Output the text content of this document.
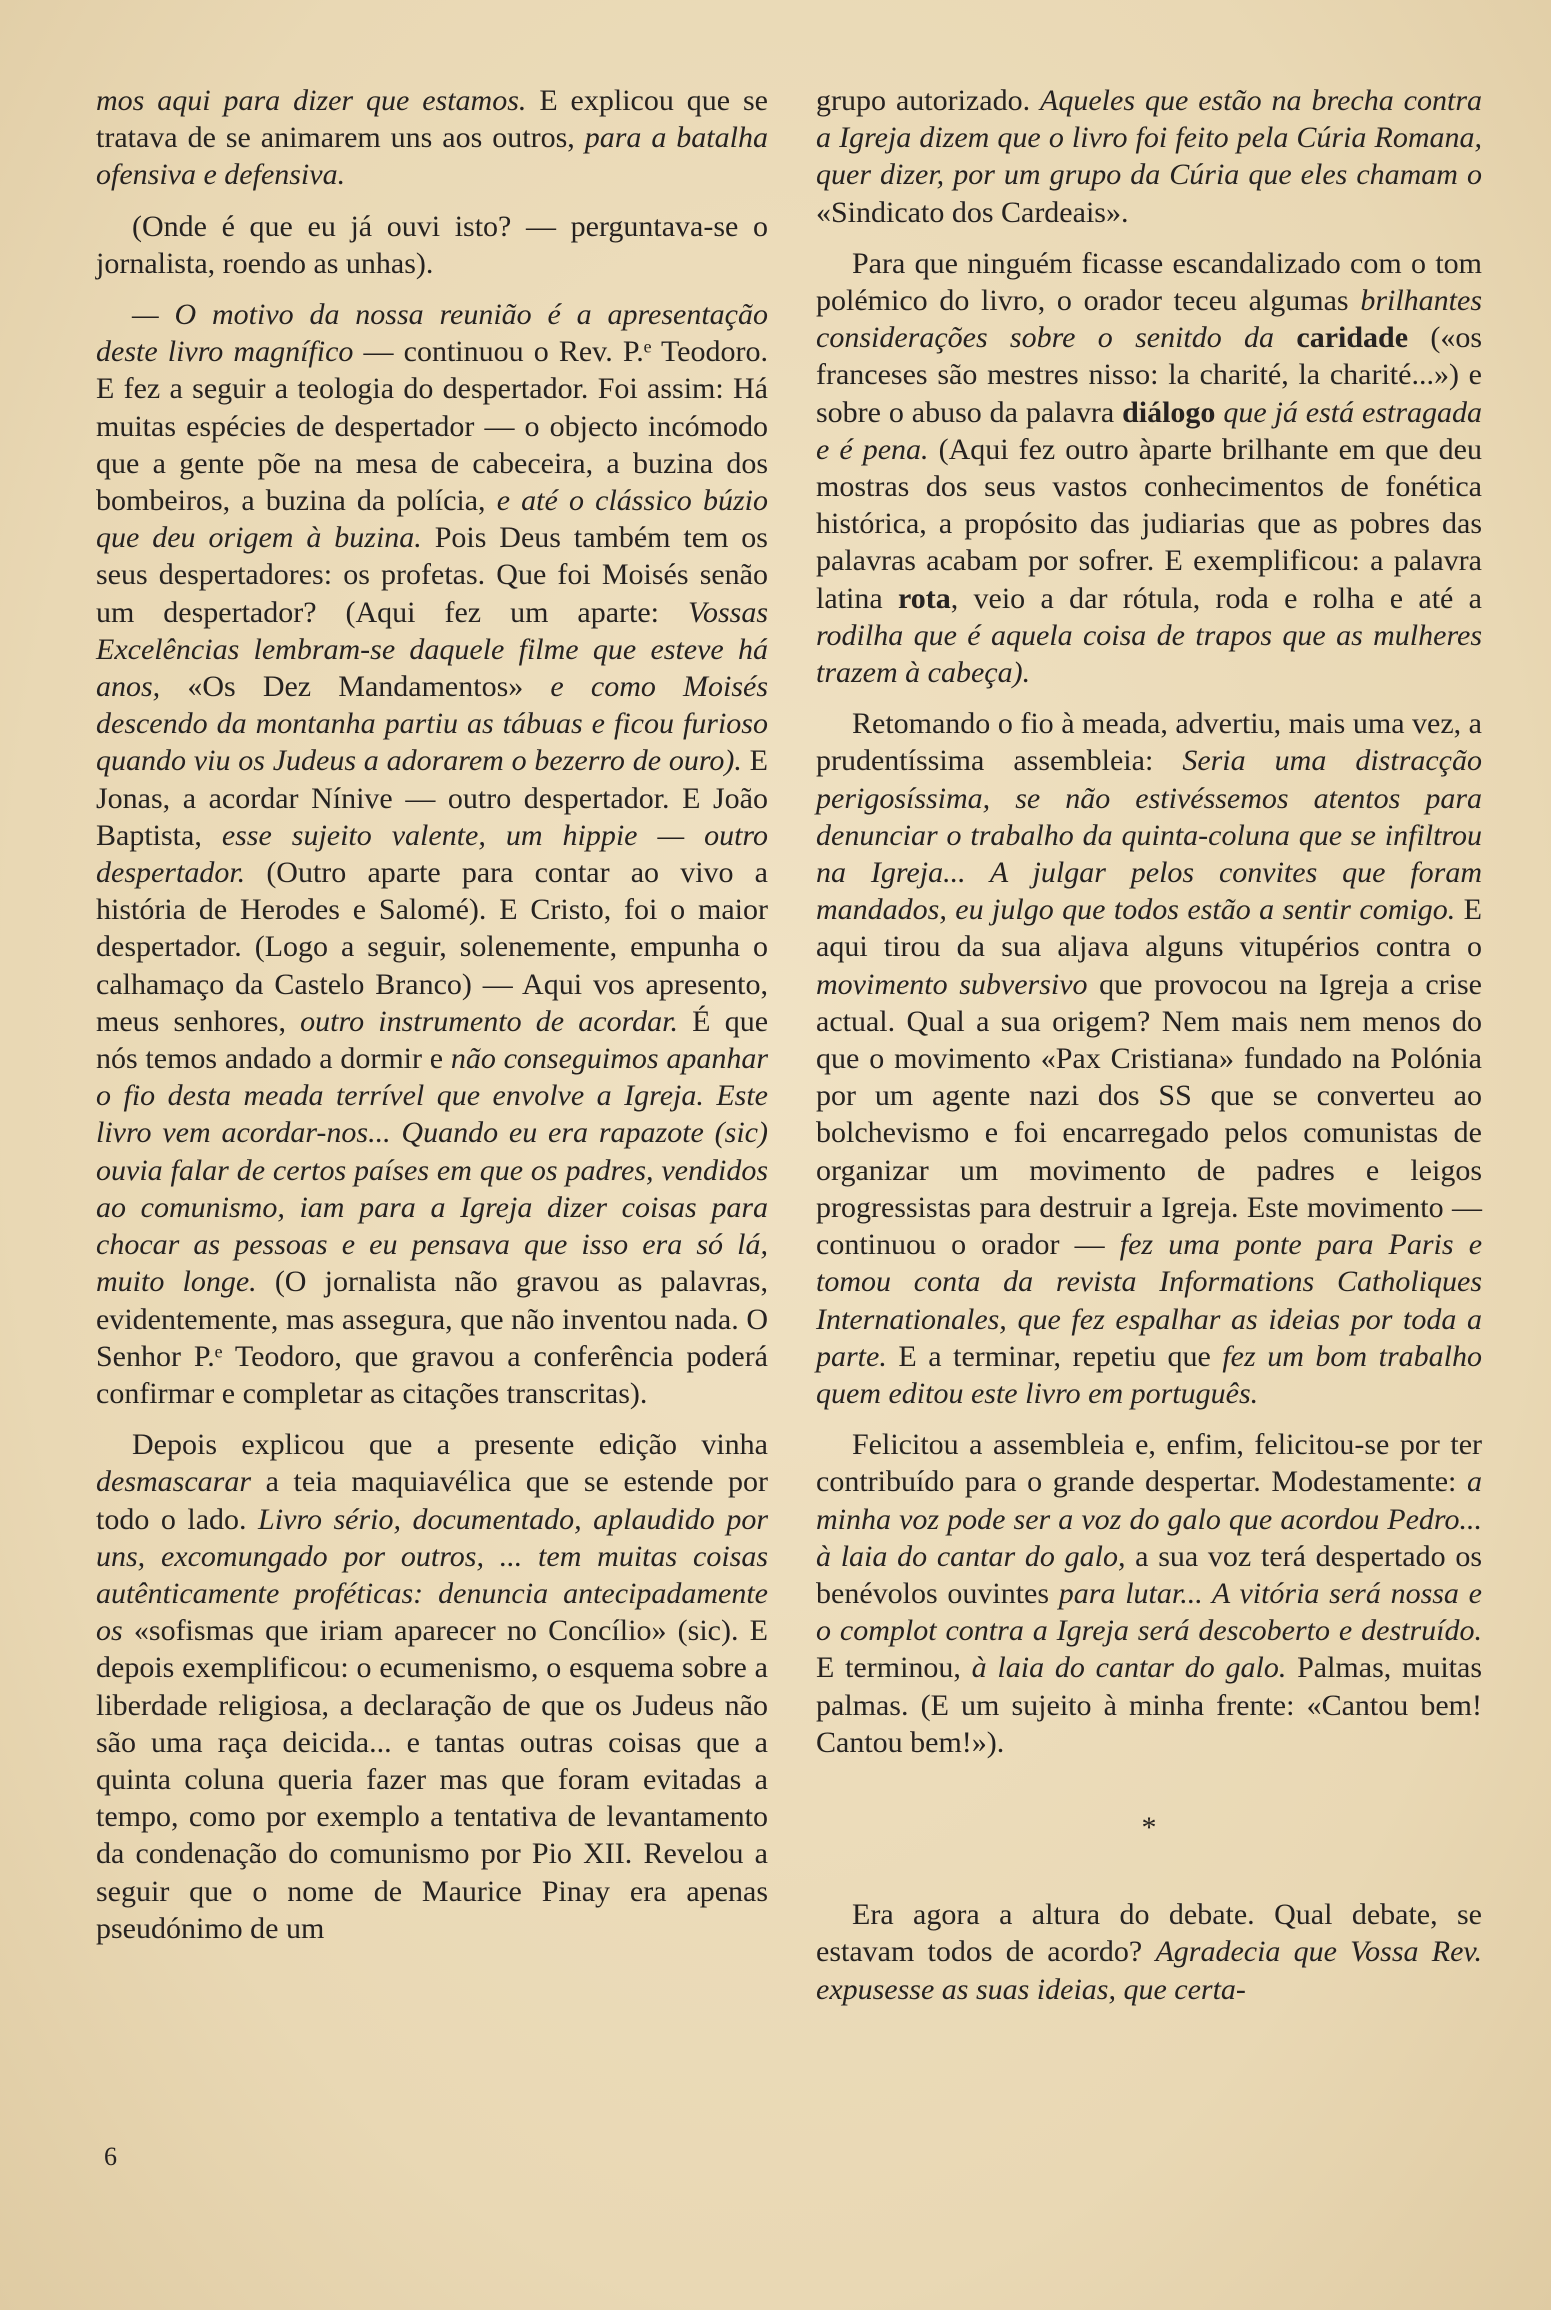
mos aqui para dizer que estamos. E explicou que se tratava de se animarem uns aos outros, para a batalha ofensiva e defensiva.

(Onde é que eu já ouvi isto? — perguntava-se o jornalista, roendo as unhas).

— O motivo da nossa reunião é a apresentação deste livro magnífico — continuou o Rev. P.ᵉ Teodoro. E fez a seguir a teologia do despertador. Foi assim: Há muitas espécies de despertador — o objecto incómodo que a gente põe na mesa de cabeceira, a buzina dos bombeiros, a buzina da polícia, e até o clássico búzio que deu origem à buzina. Pois Deus também tem os seus despertadores: os profetas. Que foi Moisés senão um despertador? (Aqui fez um aparte: Vossas Excelências lembram-se daquele filme que esteve há anos, «Os Dez Mandamentos» e como Moisés descendo da montanha partiu as tábuas e ficou furioso quando viu os Judeus a adorarem o bezerro de ouro). E Jonas, a acordar Nínive — outro despertador. E João Baptista, esse sujeito valente, um hippie — outro despertador. (Outro aparte para contar ao vivo a história de Herodes e Salomé). E Cristo, foi o maior despertador. (Logo a seguir, solenemente, empunha o calhamaço da Castelo Branco) — Aqui vos apresento, meus senhores, outro instrumento de acordar. É que nós temos andado a dormir e não conseguimos apanhar o fio desta meada terrível que envolve a Igreja. Este livro vem acordar-nos... Quando eu era rapazote (sic) ouvia falar de certos países em que os padres, vendidos ao comunismo, iam para a Igreja dizer coisas para chocar as pessoas e eu pensava que isso era só lá, muito longe. (O jornalista não gravou as palavras, evidentemente, mas assegura, que não inventou nada. O Senhor P.ᵉ Teodoro, que gravou a conferência poderá confirmar e completar as citações transcritas).

Depois explicou que a presente edição vinha desmascarar a teia maquiavélica que se estende por todo o lado. Livro sério, documentado, aplaudido por uns, excomungado por outros, ... tem muitas coisas autênticamente proféticas: denuncia antecipadamente os «sofismas que iriam aparecer no Concílio» (sic). E depois exemplificou: o ecumenismo, o esquema sobre a liberdade religiosa, a declaração de que os Judeus não são uma raça deicida... e tantas outras coisas que a quinta coluna queria fazer mas que foram evitadas a tempo, como por exemplo a tentativa de levantamento da condenação do comunismo por Pio XII. Revelou a seguir que o nome de Maurice Pinay era apenas pseudónimo de um

grupo autorizado. Aqueles que estão na brecha contra a Igreja dizem que o livro foi feito pela Cúria Romana, quer dizer, por um grupo da Cúria que eles chamam o «Sindicato dos Cardeais».

Para que ninguém ficasse escandalizado com o tom polémico do livro, o orador teceu algumas brilhantes considerações sobre o senitdo da caridade («os franceses são mestres nisso: la charité, la charité...») e sobre o abuso da palavra diálogo que já está estragada e é pena. (Aqui fez outro àparte brilhante em que deu mostras dos seus vastos conhecimentos de fonética histórica, a propósito das judiarias que as pobres das palavras acabam por sofrer. E exemplificou: a palavra latina rota, veio a dar rótula, roda e rolha e até a rodilha que é aquela coisa de trapos que as mulheres trazem à cabeça).

Retomando o fio à meada, advertiu, mais uma vez, a prudentíssima assembleia: Seria uma distracção perigosíssima, se não estivéssemos atentos para denunciar o trabalho da quinta-coluna que se infiltrou na Igreja... A julgar pelos convites que foram mandados, eu julgo que todos estão a sentir comigo. E aqui tirou da sua aljava alguns vitupérios contra o movimento subversivo que provocou na Igreja a crise actual. Qual a sua origem? Nem mais nem menos do que o movimento «Pax Cristiana» fundado na Polónia por um agente nazi dos SS que se converteu ao bolchevismo e foi encarregado pelos comunistas de organizar um movimento de padres e leigos progressistas para destruir a Igreja. Este movimento — continuou o orador — fez uma ponte para Paris e tomou conta da revista Informations Catholiques Internationales, que fez espalhar as ideias por toda a parte. E a terminar, repetiu que fez um bom trabalho quem editou este livro em português.

Felicitou a assembleia e, enfim, felicitou-se por ter contribuído para o grande despertar. Modestamente: a minha voz pode ser a voz do galo que acordou Pedro... à laia do cantar do galo, a sua voz terá despertado os benévolos ouvintes para lutar... A vitória será nossa e o complot contra a Igreja será descoberto e destruído. E terminou, à laia do cantar do galo. Palmas, muitas palmas. (E um sujeito à minha frente: «Cantou bem! Cantou bem!»).

*

Era agora a altura do debate. Qual debate, se estavam todos de acordo? Agradecia que Vossa Rev. expusesse as suas ideias, que certa-

6
